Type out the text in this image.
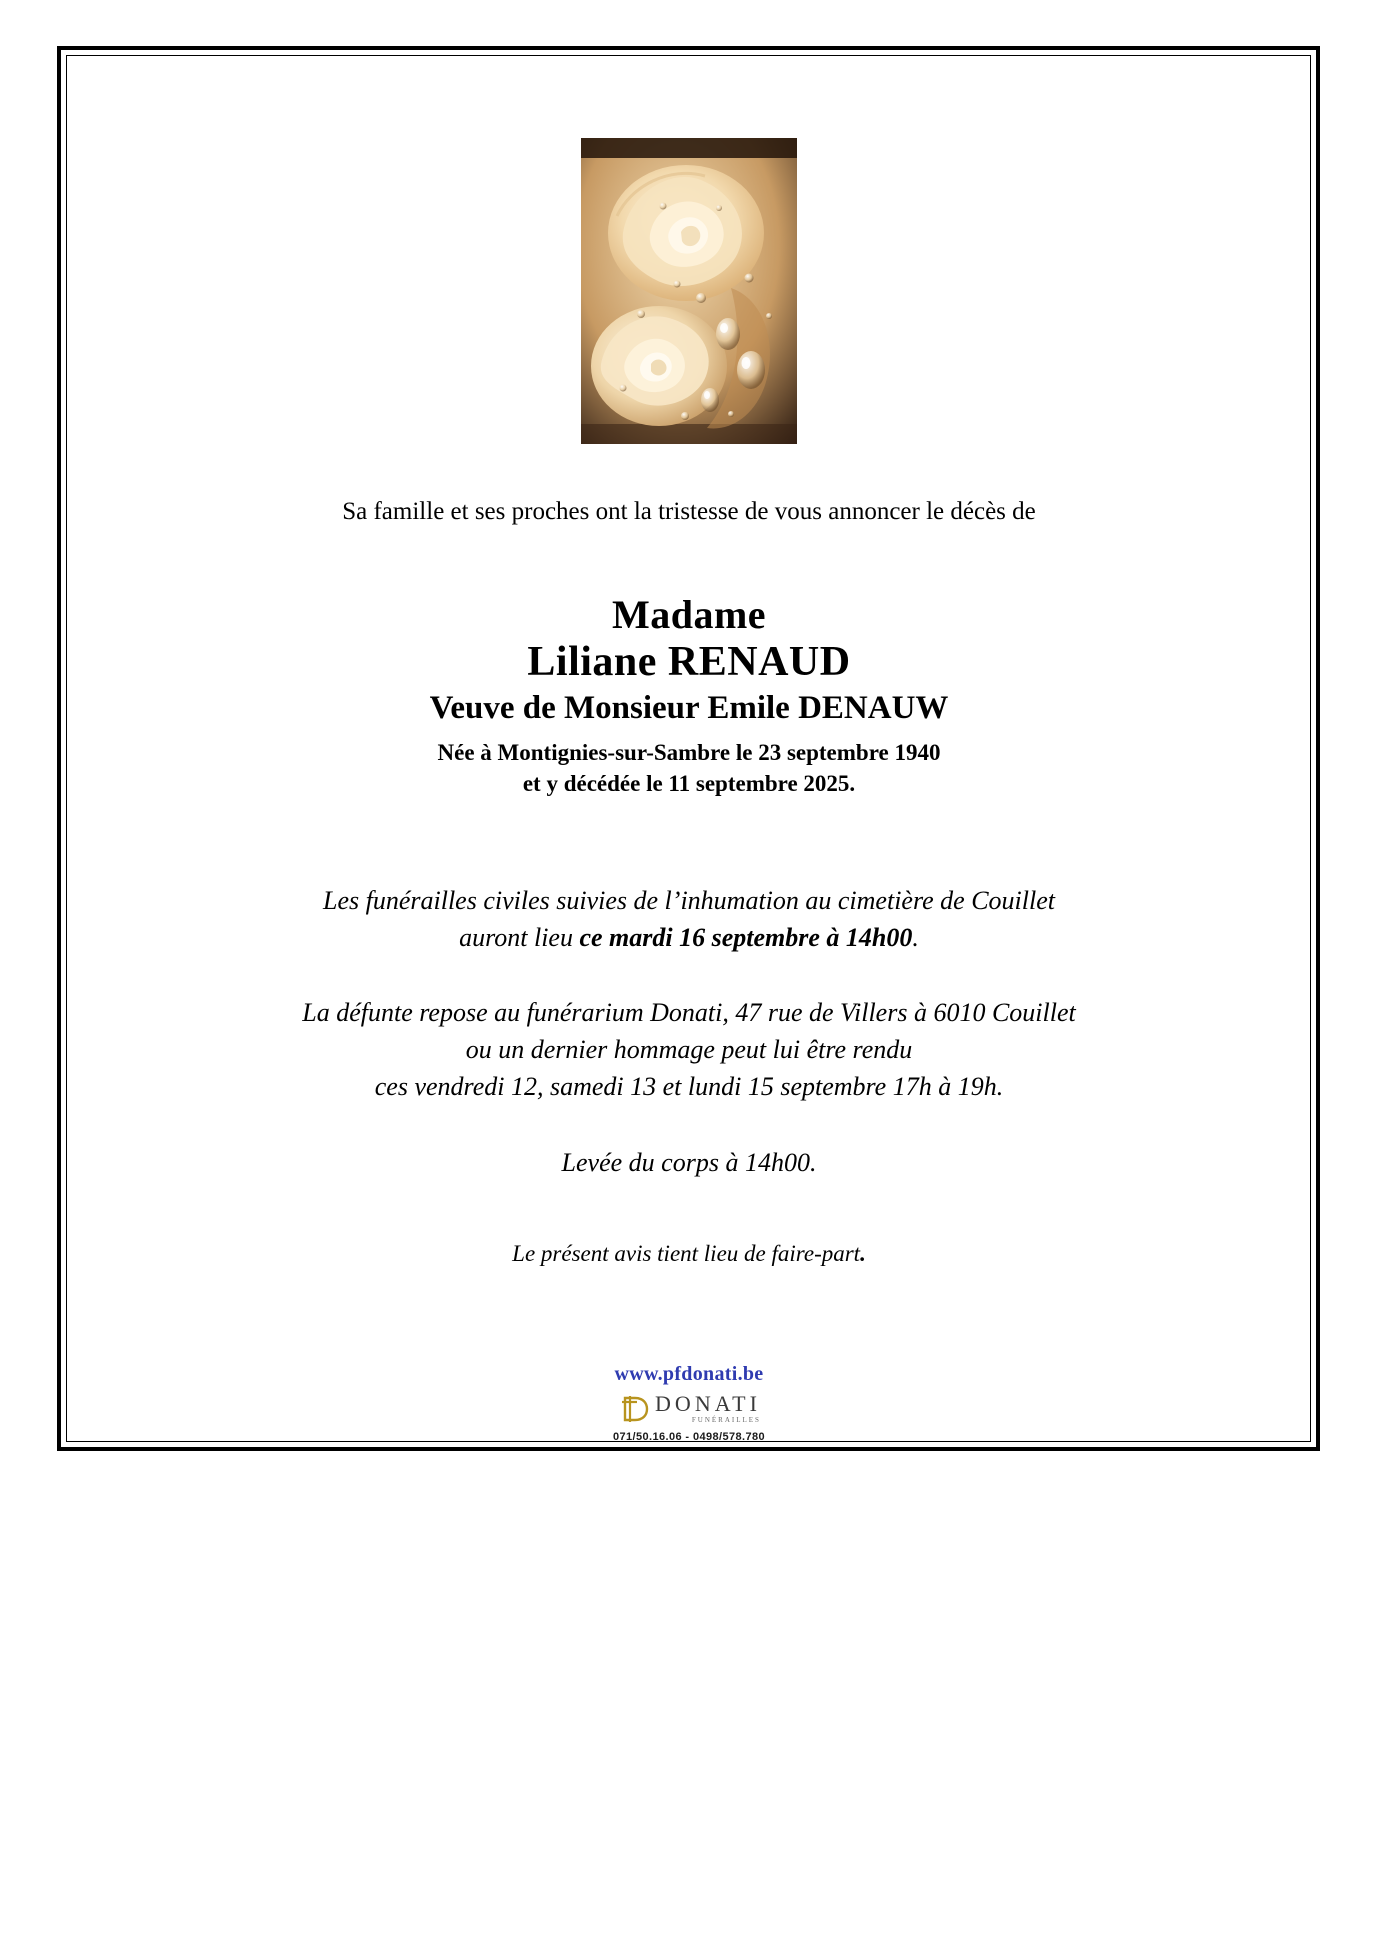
Sa famille et ses proches ont la tristesse de vous annoncer le décès de
Madame
Liliane RENAUD
Veuve de Monsieur Emile DENAUW
Née à Montignies-sur-Sambre le 23 septembre 1940
et y décédée le 11 septembre 2025.
Les funérailles civiles suivies de l’inhumation au cimetière de Couillet
auront lieu ce mardi 16 septembre à 14h00.
La défunte repose au funérarium Donati, 47 rue de Villers à 6010 Couillet
ou un dernier hommage peut lui être rendu
ces vendredi 12, samedi 13 et lundi 15 septembre 17h à 19h.
Levée du corps à 14h00.
Le présent avis tient lieu de faire-part.
www.pfdonati.be
DONATI
FUNÉRAILLES
071/50.16.06 - 0498/578.780
